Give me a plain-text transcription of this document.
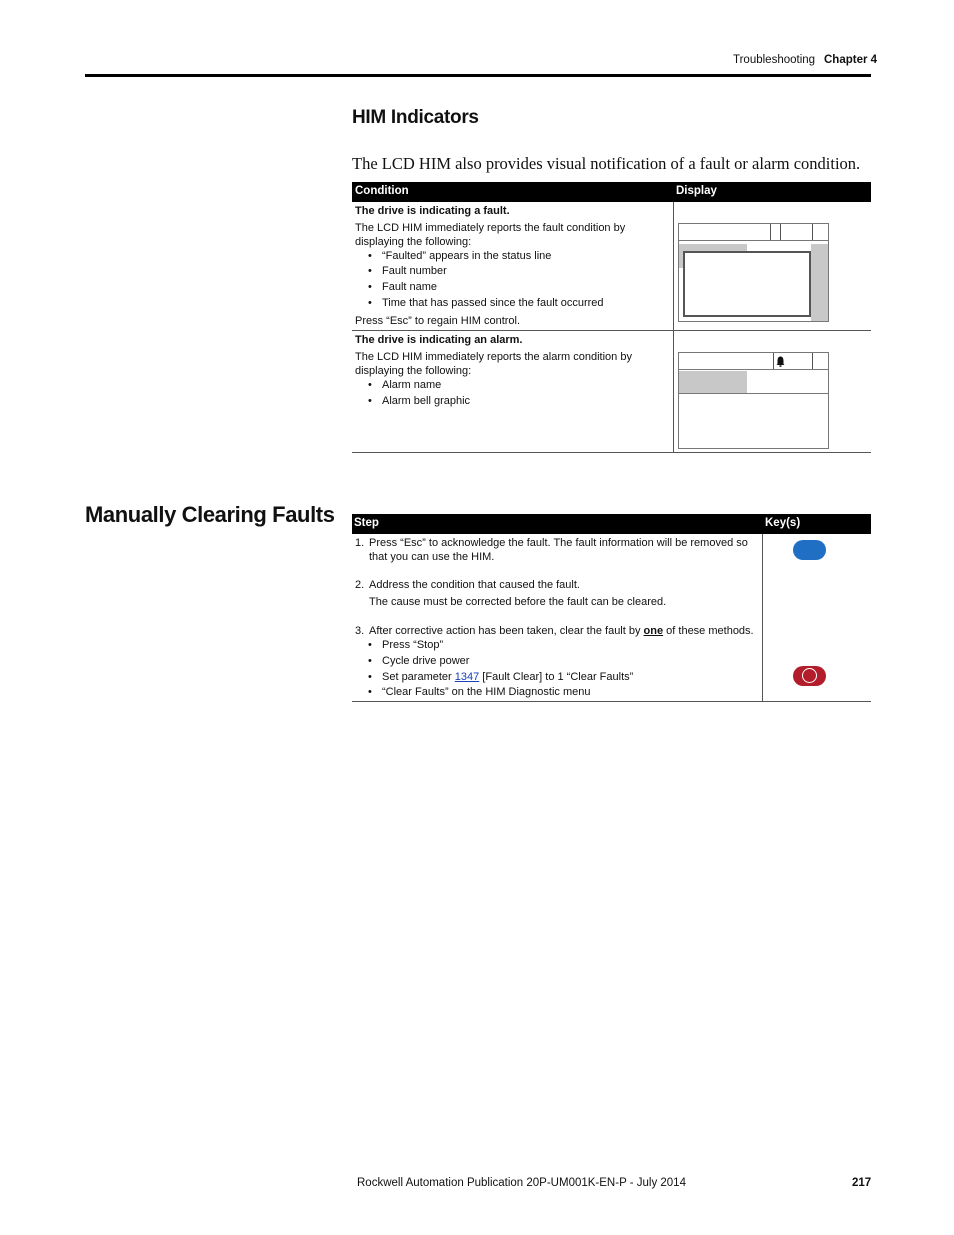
Troubleshooting Chapter 4
HIM Indicators
The LCD HIM also provides visual notification of a fault or alarm condition.
Condition	Display
The drive is indicating a fault.
The LCD HIM immediately reports the fault condition by displaying the following:
• “Faulted” appears in the status line
• Fault number
• Fault name
• Time that has passed since the fault occurred
Press “Esc” to regain HIM control.
The drive is indicating an alarm.
The LCD HIM immediately reports the alarm condition by displaying the following:
• Alarm name
• Alarm bell graphic
Manually Clearing Faults Step	Key(s)
1. Press “Esc” to acknowledge the fault. The fault information will be removed so that you can use the HIM.
2. Address the condition that caused the fault.
The cause must be corrected before the fault can be cleared.
3. After corrective action has been taken, clear the fault by one of these methods.
• Press “Stop”
• Cycle drive power
• Set parameter 1347 [Fault Clear] to 1 “Clear Faults”
• “Clear Faults” on the HIM Diagnostic menu
Rockwell Automation Publication 20P-UM001K-EN-P - July 2014	217
